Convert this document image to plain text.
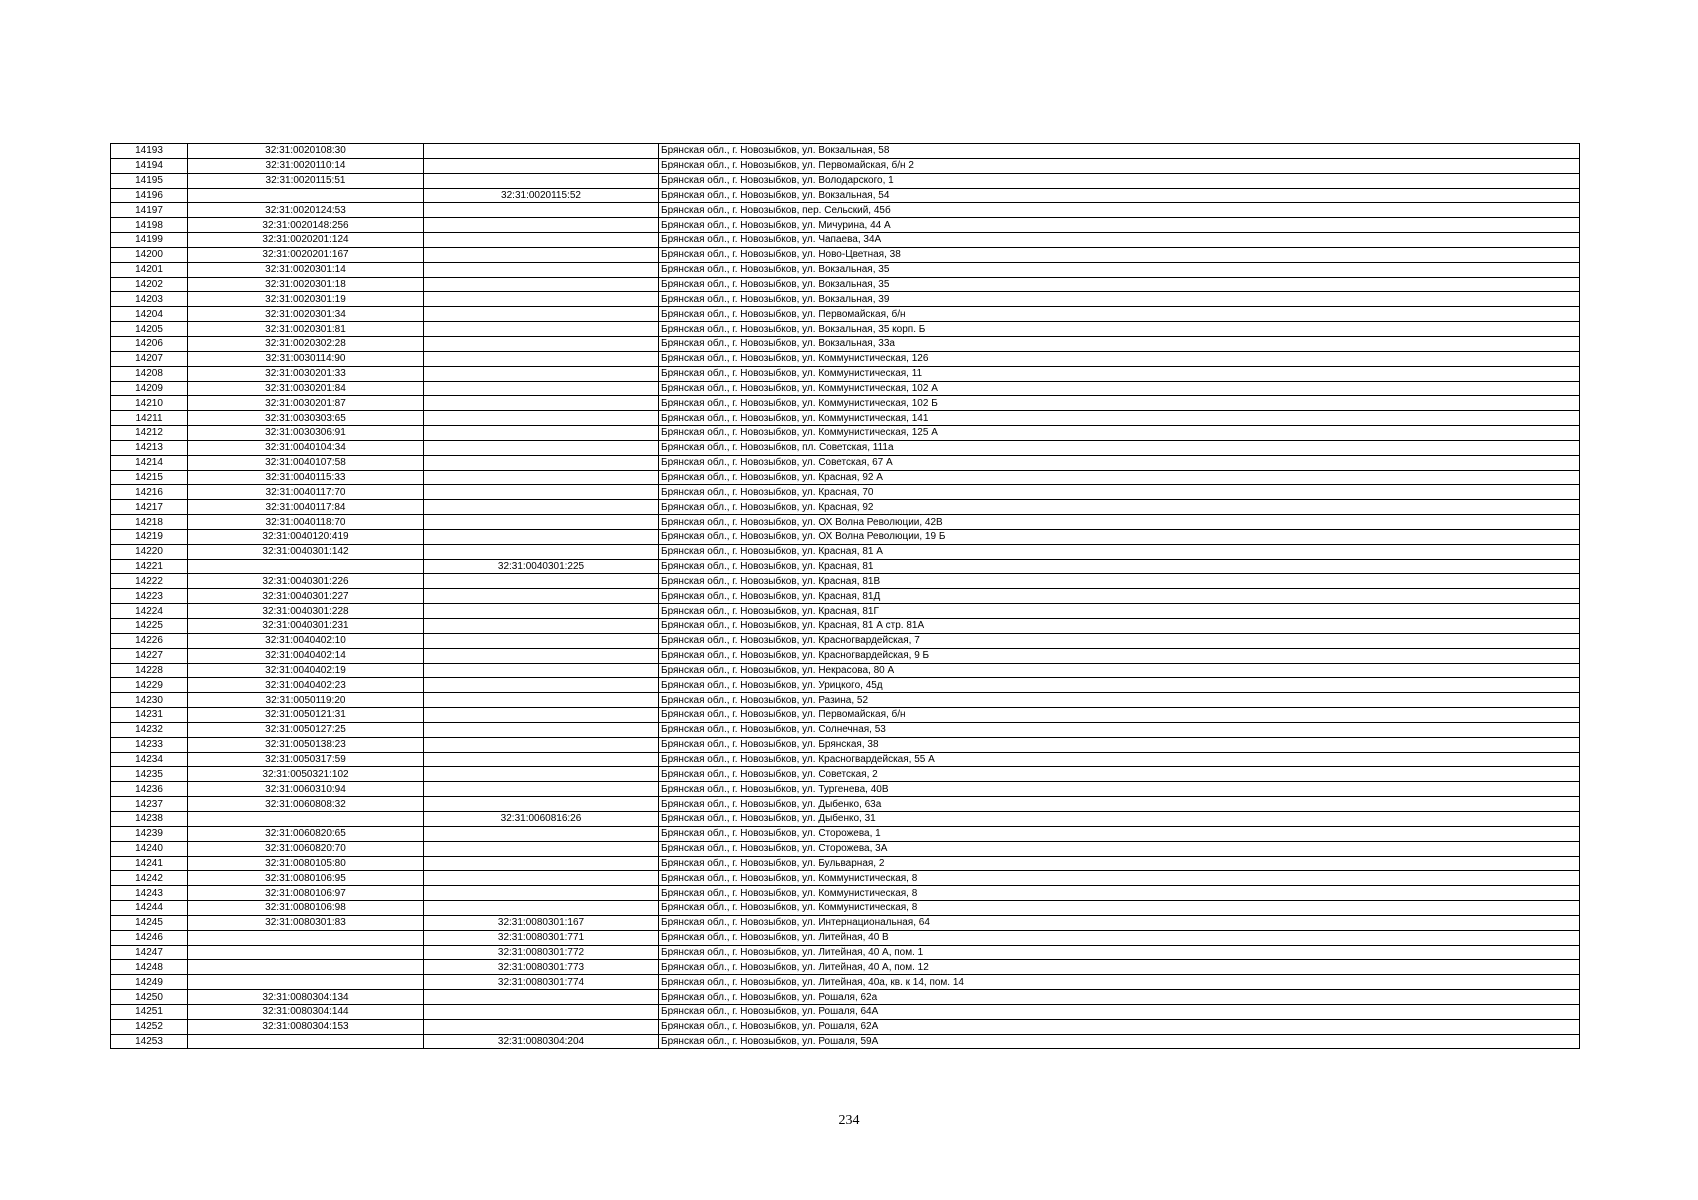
14193	32:31:0020108:30		Брянская обл., г. Новозыбков, ул. Вокзальная, 58
14194	32:31:0020110:14		Брянская обл., г. Новозыбков, ул. Первомайская, б/н 2
14195	32:31:0020115:51		Брянская обл., г. Новозыбков, ул. Володарского, 1
14196		32:31:0020115:52	Брянская обл., г. Новозыбков, ул. Вокзальная, 54
14197	32:31:0020124:53		Брянская обл., г. Новозыбков, пер. Сельский, 45б
14198	32:31:0020148:256		Брянская обл., г. Новозыбков, ул. Мичурина, 44 А
14199	32:31:0020201:124		Брянская обл., г. Новозыбков, ул. Чапаева, 34А
14200	32:31:0020201:167		Брянская обл., г. Новозыбков, ул. Ново-Цветная, 38
14201	32:31:0020301:14		Брянская обл., г. Новозыбков, ул. Вокзальная, 35
14202	32:31:0020301:18		Брянская обл., г. Новозыбков, ул. Вокзальная, 35
14203	32:31:0020301:19		Брянская обл., г. Новозыбков, ул. Вокзальная, 39
14204	32:31:0020301:34		Брянская обл., г. Новозыбков, ул. Первомайская, б/н
14205	32:31:0020301:81		Брянская обл., г. Новозыбков, ул. Вокзальная, 35 корп. Б
14206	32:31:0020302:28		Брянская обл., г. Новозыбков, ул. Вокзальная, 33а
14207	32:31:0030114:90		Брянская обл., г. Новозыбков, ул. Коммунистическая, 126
14208	32:31:0030201:33		Брянская обл., г. Новозыбков, ул. Коммунистическая, 11
14209	32:31:0030201:84		Брянская обл., г. Новозыбков, ул. Коммунистическая, 102 А
14210	32:31:0030201:87		Брянская обл., г. Новозыбков, ул. Коммунистическая, 102 Б
14211	32:31:0030303:65		Брянская обл., г. Новозыбков, ул. Коммунистическая, 141
14212	32:31:0030306:91		Брянская обл., г. Новозыбков, ул. Коммунистическая, 125 А
14213	32:31:0040104:34		Брянская обл., г. Новозыбков, пл. Советская, 111а
14214	32:31:0040107:58		Брянская обл., г. Новозыбков, ул. Советская, 67 А
14215	32:31:0040115:33		Брянская обл., г. Новозыбков, ул. Красная, 92 А
14216	32:31:0040117:70		Брянская обл., г. Новозыбков, ул. Красная, 70
14217	32:31:0040117:84		Брянская обл., г. Новозыбков, ул. Красная, 92
14218	32:31:0040118:70		Брянская обл., г. Новозыбков, ул. ОХ Волна Революции, 42В
14219	32:31:0040120:419		Брянская обл., г. Новозыбков, ул. ОХ Волна Революции, 19 Б
14220	32:31:0040301:142		Брянская обл., г. Новозыбков, ул. Красная, 81 А
14221		32:31:0040301:225	Брянская обл., г. Новозыбков, ул. Красная, 81
14222	32:31:0040301:226		Брянская обл., г. Новозыбков, ул. Красная, 81В
14223	32:31:0040301:227		Брянская обл., г. Новозыбков, ул. Красная, 81Д
14224	32:31:0040301:228		Брянская обл., г. Новозыбков, ул. Красная, 81Г
14225	32:31:0040301:231		Брянская обл., г. Новозыбков, ул. Красная, 81 А стр. 81А
14226	32:31:0040402:10		Брянская обл., г. Новозыбков, ул. Красногвардейская, 7
14227	32:31:0040402:14		Брянская обл., г. Новозыбков, ул. Красногвардейская, 9 Б
14228	32:31:0040402:19		Брянская обл., г. Новозыбков, ул. Некрасова, 80 А
14229	32:31:0040402:23		Брянская обл., г. Новозыбков, ул. Урицкого, 45д
14230	32:31:0050119:20		Брянская обл., г. Новозыбков, ул. Разина, 52
14231	32:31:0050121:31		Брянская обл., г. Новозыбков, ул. Первомайская, б/н
14232	32:31:0050127:25		Брянская обл., г. Новозыбков, ул. Солнечная, 53
14233	32:31:0050138:23		Брянская обл., г. Новозыбков, ул. Брянская, 38
14234	32:31:0050317:59		Брянская обл., г. Новозыбков, ул. Красногвардейская, 55 А
14235	32:31:0050321:102		Брянская обл., г. Новозыбков, ул. Советская, 2
14236	32:31:0060310:94		Брянская обл., г. Новозыбков, ул. Тургенева, 40В
14237	32:31:0060808:32		Брянская обл., г. Новозыбков, ул. Дыбенко, 63а
14238		32:31:0060816:26	Брянская обл., г. Новозыбков, ул. Дыбенко, 31
14239	32:31:0060820:65		Брянская обл., г. Новозыбков, ул. Сторожева, 1
14240	32:31:0060820:70		Брянская обл., г. Новозыбков, ул. Сторожева, 3А
14241	32:31:0080105:80		Брянская обл., г. Новозыбков, ул. Бульварная, 2
14242	32:31:0080106:95		Брянская обл., г. Новозыбков, ул. Коммунистическая, 8
14243	32:31:0080106:97		Брянская обл., г. Новозыбков, ул. Коммунистическая, 8
14244	32:31:0080106:98		Брянская обл., г. Новозыбков, ул. Коммунистическая, 8
14245	32:31:0080301:83	32:31:0080301:167	Брянская обл., г. Новозыбков, ул. Интернациональная, 64
14246		32:31:0080301:771	Брянская обл., г. Новозыбков, ул. Литейная, 40 В
14247		32:31:0080301:772	Брянская обл., г. Новозыбков, ул. Литейная, 40 А, пом. 1
14248		32:31:0080301:773	Брянская обл., г. Новозыбков, ул. Литейная, 40 А, пом. 12
14249		32:31:0080301:774	Брянская обл., г. Новозыбков, ул. Литейная, 40а, кв. к 14, пом. 14
14250	32:31:0080304:134		Брянская обл., г. Новозыбков, ул. Рошаля, 62а
14251	32:31:0080304:144		Брянская обл., г. Новозыбков, ул. Рошаля, 64А
14252	32:31:0080304:153		Брянская обл., г. Новозыбков, ул. Рошаля, 62А
14253		32:31:0080304:204	Брянская обл., г. Новозыбков, ул. Рошаля, 59А
234
